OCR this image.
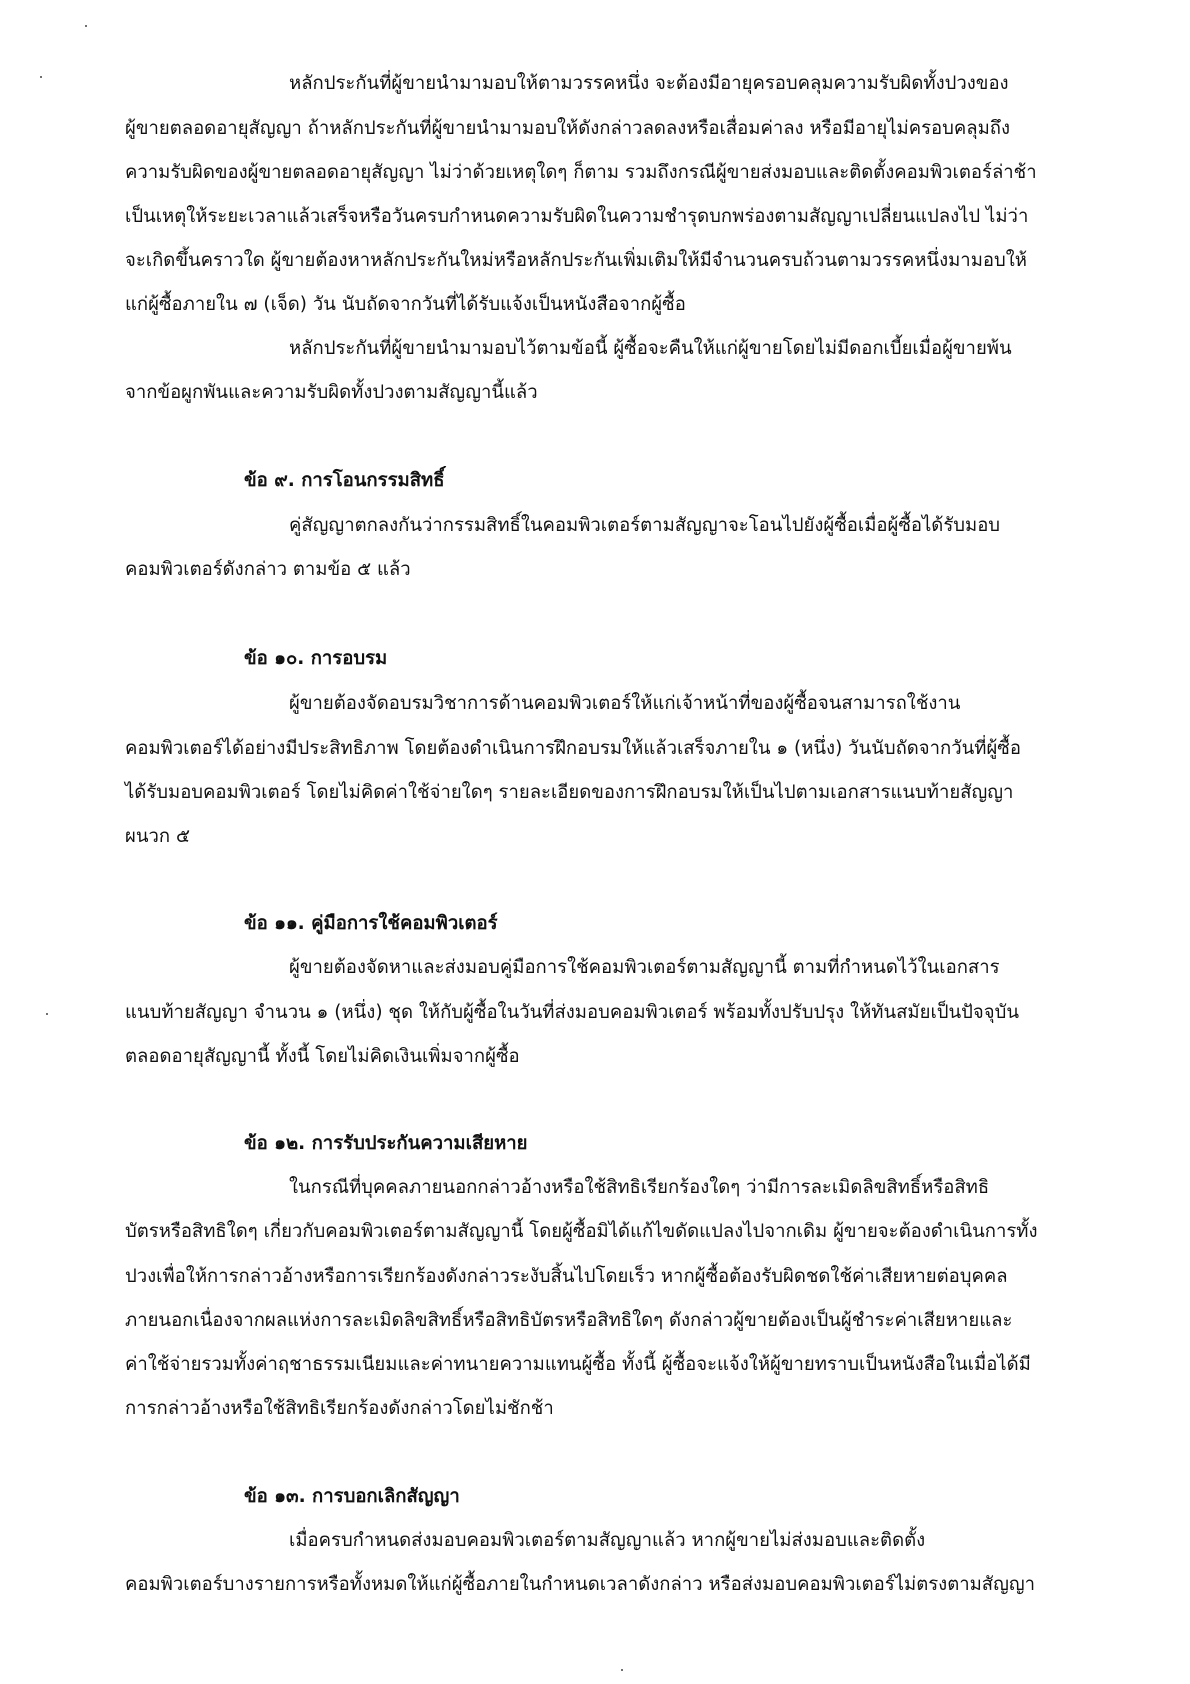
หลักประกันที่ผู้ขายนำมามอบให้ตามวรรคหนึ่ง จะต้องมีอายุครอบคลุมความรับผิดทั้งปวงของ
ผู้ขายตลอดอายุสัญญา ถ้าหลักประกันที่ผู้ขายนำมามอบให้ดังกล่าวลดลงหรือเสื่อมค่าลง หรือมีอายุไม่ครอบคลุมถึง
ความรับผิดของผู้ขายตลอดอายุสัญญา ไม่ว่าด้วยเหตุใดๆ ก็ตาม รวมถึงกรณีผู้ขายส่งมอบและติดตั้งคอมพิวเตอร์ล่าช้า
เป็นเหตุให้ระยะเวลาแล้วเสร็จหรือวันครบกำหนดความรับผิดในความชำรุดบกพร่องตามสัญญาเปลี่ยนแปลงไป ไม่ว่า
จะเกิดขึ้นคราวใด ผู้ขายต้องหาหลักประกันใหม่หรือหลักประกันเพิ่มเติมให้มีจำนวนครบถ้วนตามวรรคหนึ่งมามอบให้
แก่ผู้ซื้อภายใน ๗ (เจ็ด) วัน นับถัดจากวันที่ได้รับแจ้งเป็นหนังสือจากผู้ซื้อ
หลักประกันที่ผู้ขายนำมามอบไว้ตามข้อนี้ ผู้ซื้อจะคืนให้แก่ผู้ขายโดยไม่มีดอกเบี้ยเมื่อผู้ขายพ้น
จากข้อผูกพันและความรับผิดทั้งปวงตามสัญญานี้แล้ว
ข้อ ๙. การโอนกรรมสิทธิ์
คู่สัญญาตกลงกันว่ากรรมสิทธิ์ในคอมพิวเตอร์ตามสัญญาจะโอนไปยังผู้ซื้อเมื่อผู้ซื้อได้รับมอบ
คอมพิวเตอร์ดังกล่าว ตามข้อ ๕ แล้ว
ข้อ ๑๐. การอบรม
ผู้ขายต้องจัดอบรมวิชาการด้านคอมพิวเตอร์ให้แก่เจ้าหน้าที่ของผู้ซื้อจนสามารถใช้งาน
คอมพิวเตอร์ได้อย่างมีประสิทธิภาพ โดยต้องดำเนินการฝึกอบรมให้แล้วเสร็จภายใน ๑ (หนึ่ง) วันนับถัดจากวันที่ผู้ซื้อ
ได้รับมอบคอมพิวเตอร์ โดยไม่คิดค่าใช้จ่ายใดๆ รายละเอียดของการฝึกอบรมให้เป็นไปตามเอกสารแนบท้ายสัญญา
ผนวก ๕
ข้อ ๑๑. คู่มือการใช้คอมพิวเตอร์
ผู้ขายต้องจัดหาและส่งมอบคู่มือการใช้คอมพิวเตอร์ตามสัญญานี้ ตามที่กำหนดไว้ในเอกสาร
แนบท้ายสัญญา จำนวน ๑ (หนึ่ง) ชุด ให้กับผู้ซื้อในวันที่ส่งมอบคอมพิวเตอร์ พร้อมทั้งปรับปรุง ให้ทันสมัยเป็นปัจจุบัน
ตลอดอายุสัญญานี้ ทั้งนี้ โดยไม่คิดเงินเพิ่มจากผู้ซื้อ
ข้อ ๑๒. การรับประกันความเสียหาย
ในกรณีที่บุคคลภายนอกกล่าวอ้างหรือใช้สิทธิเรียกร้องใดๆ ว่ามีการละเมิดลิขสิทธิ์หรือสิทธิ
บัตรหรือสิทธิใดๆ เกี่ยวกับคอมพิวเตอร์ตามสัญญานี้ โดยผู้ซื้อมิได้แก้ไขดัดแปลงไปจากเดิม ผู้ขายจะต้องดำเนินการทั้ง
ปวงเพื่อให้การกล่าวอ้างหรือการเรียกร้องดังกล่าวระงับสิ้นไปโดยเร็ว หากผู้ซื้อต้องรับผิดชดใช้ค่าเสียหายต่อบุคคล
ภายนอกเนื่องจากผลแห่งการละเมิดลิขสิทธิ์หรือสิทธิบัตรหรือสิทธิใดๆ ดังกล่าวผู้ขายต้องเป็นผู้ชำระค่าเสียหายและ
ค่าใช้จ่ายรวมทั้งค่าฤชาธรรมเนียมและค่าทนายความแทนผู้ซื้อ ทั้งนี้ ผู้ซื้อจะแจ้งให้ผู้ขายทราบเป็นหนังสือในเมื่อได้มี
การกล่าวอ้างหรือใช้สิทธิเรียกร้องดังกล่าวโดยไม่ชักช้า
ข้อ ๑๓. การบอกเลิกสัญญา
เมื่อครบกำหนดส่งมอบคอมพิวเตอร์ตามสัญญาแล้ว หากผู้ขายไม่ส่งมอบและติดตั้ง
คอมพิวเตอร์บางรายการหรือทั้งหมดให้แก่ผู้ซื้อภายในกำหนดเวลาดังกล่าว หรือส่งมอบคอมพิวเตอร์ไม่ตรงตามสัญญา
